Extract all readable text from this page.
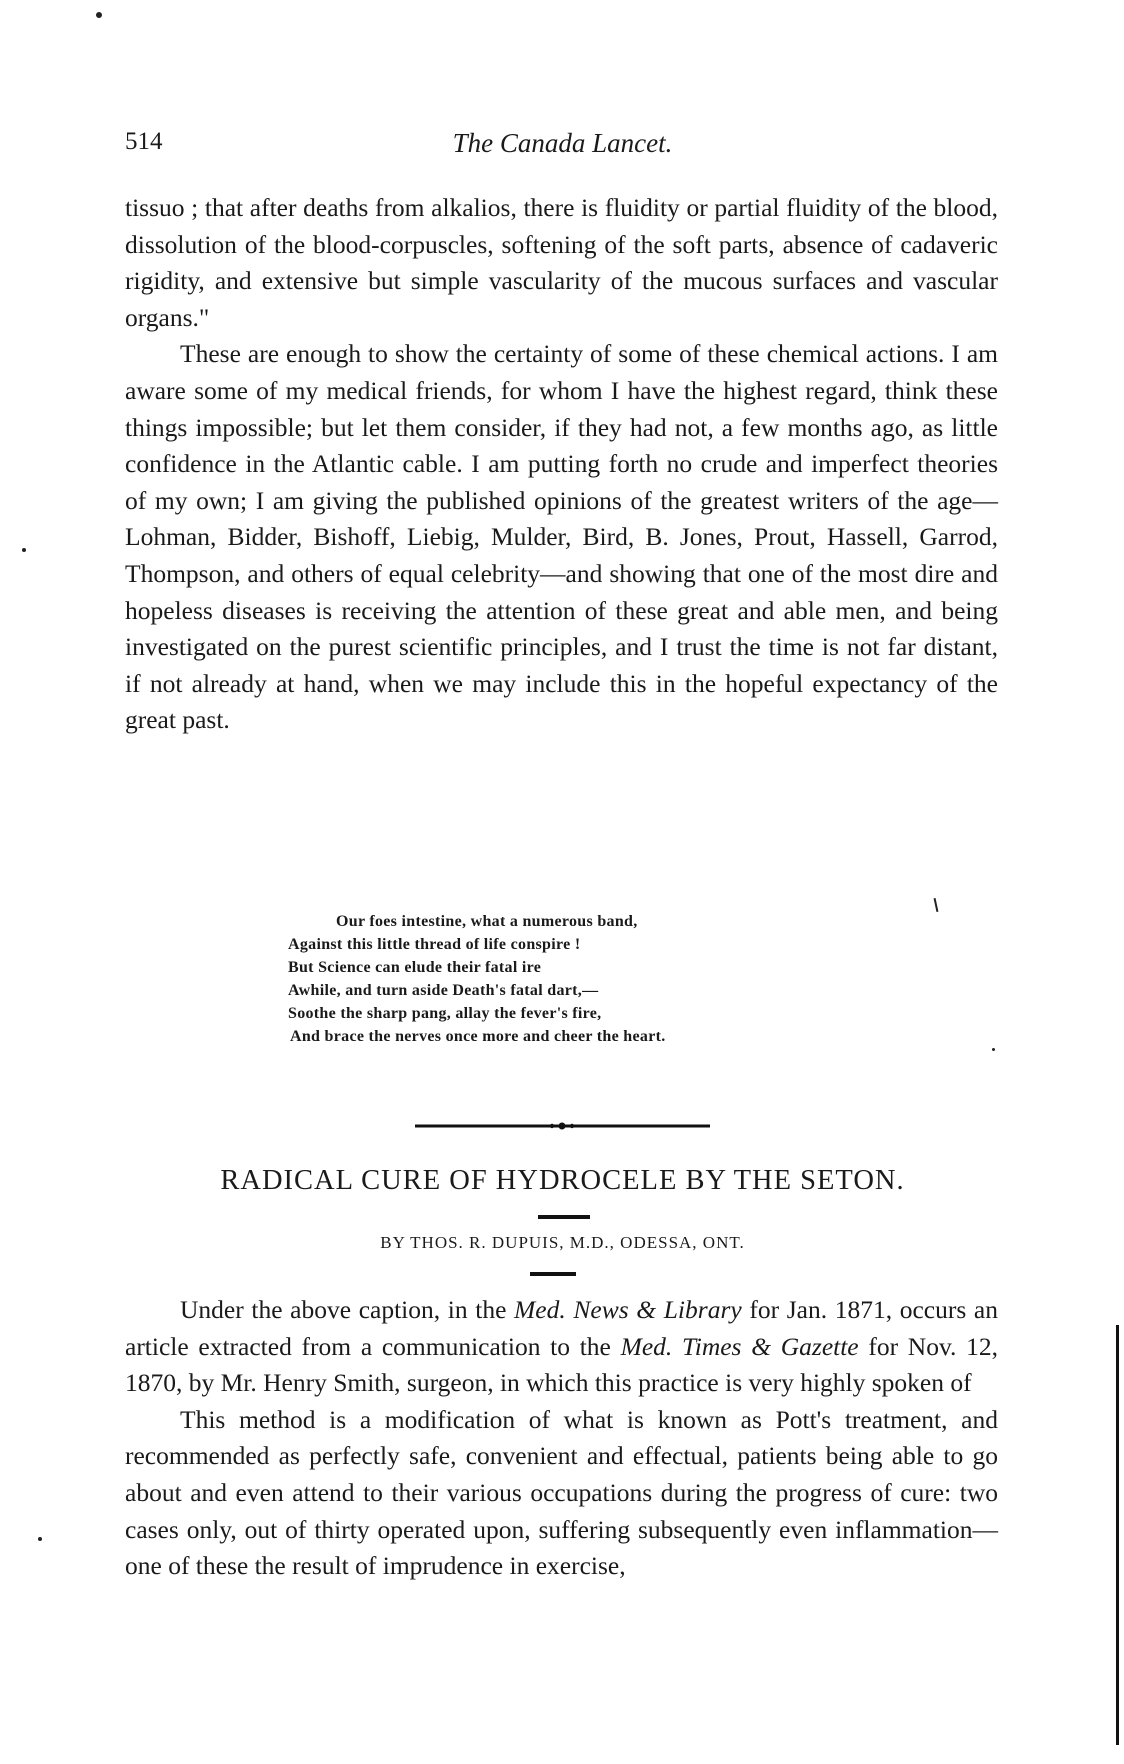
514	The Canada Lancet.

tissuo ; that after deaths from alkalios, there is fluidity or partial fluidity of the blood, dissolution of the blood-corpuscles, softening of the soft parts, absence of cadaveric rigidity, and extensive but simple vascularity of the mucous surfaces and vascular organs."

These are enough to show the certainty of some of these chemical actions. I am aware some of my medical friends, for whom I have the highest regard, think these things impossible; but let them consider, if they had not, a few months ago, as little confidence in the Atlantic cable. I am putting forth no crude and imperfect theories of my own; I am giving the published opinions of the greatest writers of the age—Lohman, Bidder, Bishoff, Liebig, Mulder, Bird, B. Jones, Prout, Hassell, Garrod, Thompson, and others of equal celebrity—and showing that one of the most dire and hopeless diseases is receiving the attention of these great and able men, and being investigated on the purest scientific principles, and I trust the time is not far distant, if not already at hand, when we may include this in the hopeful expectancy of the great past.

Our foes intestine, what a numerous band,
Against this little thread of life conspire !
But Science can elude their fatal ire
Awhile, and turn aside Death's fatal dart,—
Soothe the sharp pang, allay the fever's fire,
And brace the nerves once more and cheer the heart.
RADICAL CURE OF HYDROCELE BY THE SETON.
BY THOS. R. DUPUIS, M.D., ODESSA, ONT.

Under the above caption, in the Med. News & Library for Jan. 1871, occurs an article extracted from a communication to the Med. Times & Gazette for Nov. 12, 1870, by Mr. Henry Smith, surgeon, in which this practice is very highly spoken of

This method is a modification of what is known as Pott's treatment, and recommended as perfectly safe, convenient and effectual, patients being able to go about and even attend to their various occupations during the progress of cure: two cases only, out of thirty operated upon, suffering subsequently even inflammation—one of these the result of imprudence in exercise,
